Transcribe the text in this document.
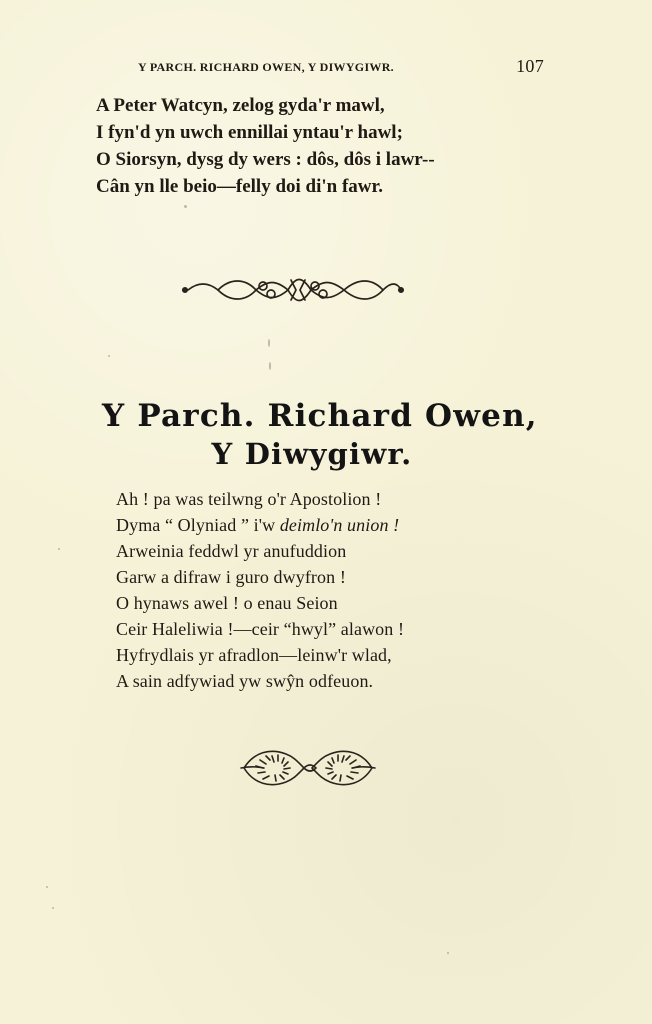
Y PARCH. RICHARD OWEN, Y DIWYGIWR.	107
A Peter Watcyn, zelog gyda'r mawl,
I fyn'd yn uwch ennillai yntau'r hawl;
O Siorsyn, dysg dy wers : dôs, dôs i lawr--
Cân yn lle beio—felly doi di'n fawr.
Y Parch. Richard Owen,
Y Diwygiwr.
Ah ! pa was teilwng o'r Apostolion !
Dyma “ Olyniad ” i'w deimlo'n union !
Arweinia feddwl yr anufuddion
Garw a difraw i guro dwyfron !
O hynaws awel ! o enau Seion
Ceir Haleliwia !—ceir “hwyl” alawon !
Hyfrydlais yr afradlon—leinw'r wlad,
A sain adfywiad yw swŷn odfeuon.
